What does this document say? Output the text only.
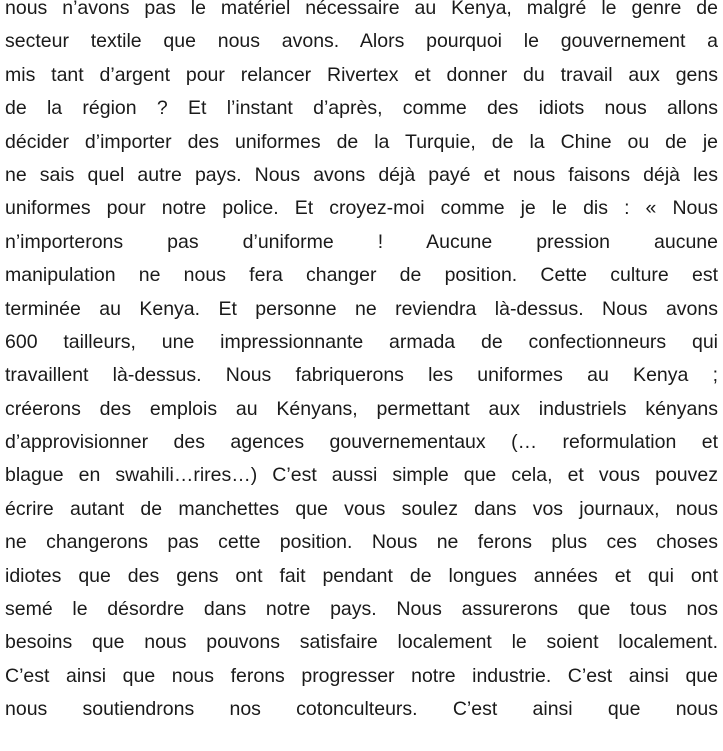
nous n’avons pas le matériel nécessaire au Kenya, malgré le genre de
secteur textile que nous avons. Alors pourquoi le gouvernement a
mis tant d’argent pour relancer Rivertex et donner du travail aux gens
de la région ? Et l’instant d’après, comme des idiots nous allons
décider d’importer des uniformes de la Turquie, de la Chine ou de je
ne sais quel autre pays. Nous avons déjà payé et nous faisons déjà les
uniformes pour notre police. Et croyez-moi comme je le dis : « Nous
n’importerons pas d’uniforme ! Aucune pression aucune
manipulation ne nous fera changer de position. Cette culture est
terminée au Kenya. Et personne ne reviendra là-dessus. Nous avons
600 tailleurs, une impressionnante armada de confectionneurs qui
travaillent là-dessus. Nous fabriquerons les uniformes au Kenya ;
créerons des emplois au Kényans, permettant aux industriels kényans
d’approvisionner des agences gouvernementaux (… reformulation et
blague en swahili…rires…) C’est aussi simple que cela, et vous pouvez
écrire autant de manchettes que vous soulez dans vos journaux, nous
ne changerons pas cette position. Nous ne ferons plus ces choses
idiotes que des gens ont fait pendant de longues années et qui ont
semé le désordre dans notre pays. Nous assurerons que tous nos
besoins que nous pouvons satisfaire localement le soient localement.
C’est ainsi que nous ferons progresser notre industrie. C’est ainsi que
nous soutiendrons nos cotonculteurs. C’est ainsi que nous
